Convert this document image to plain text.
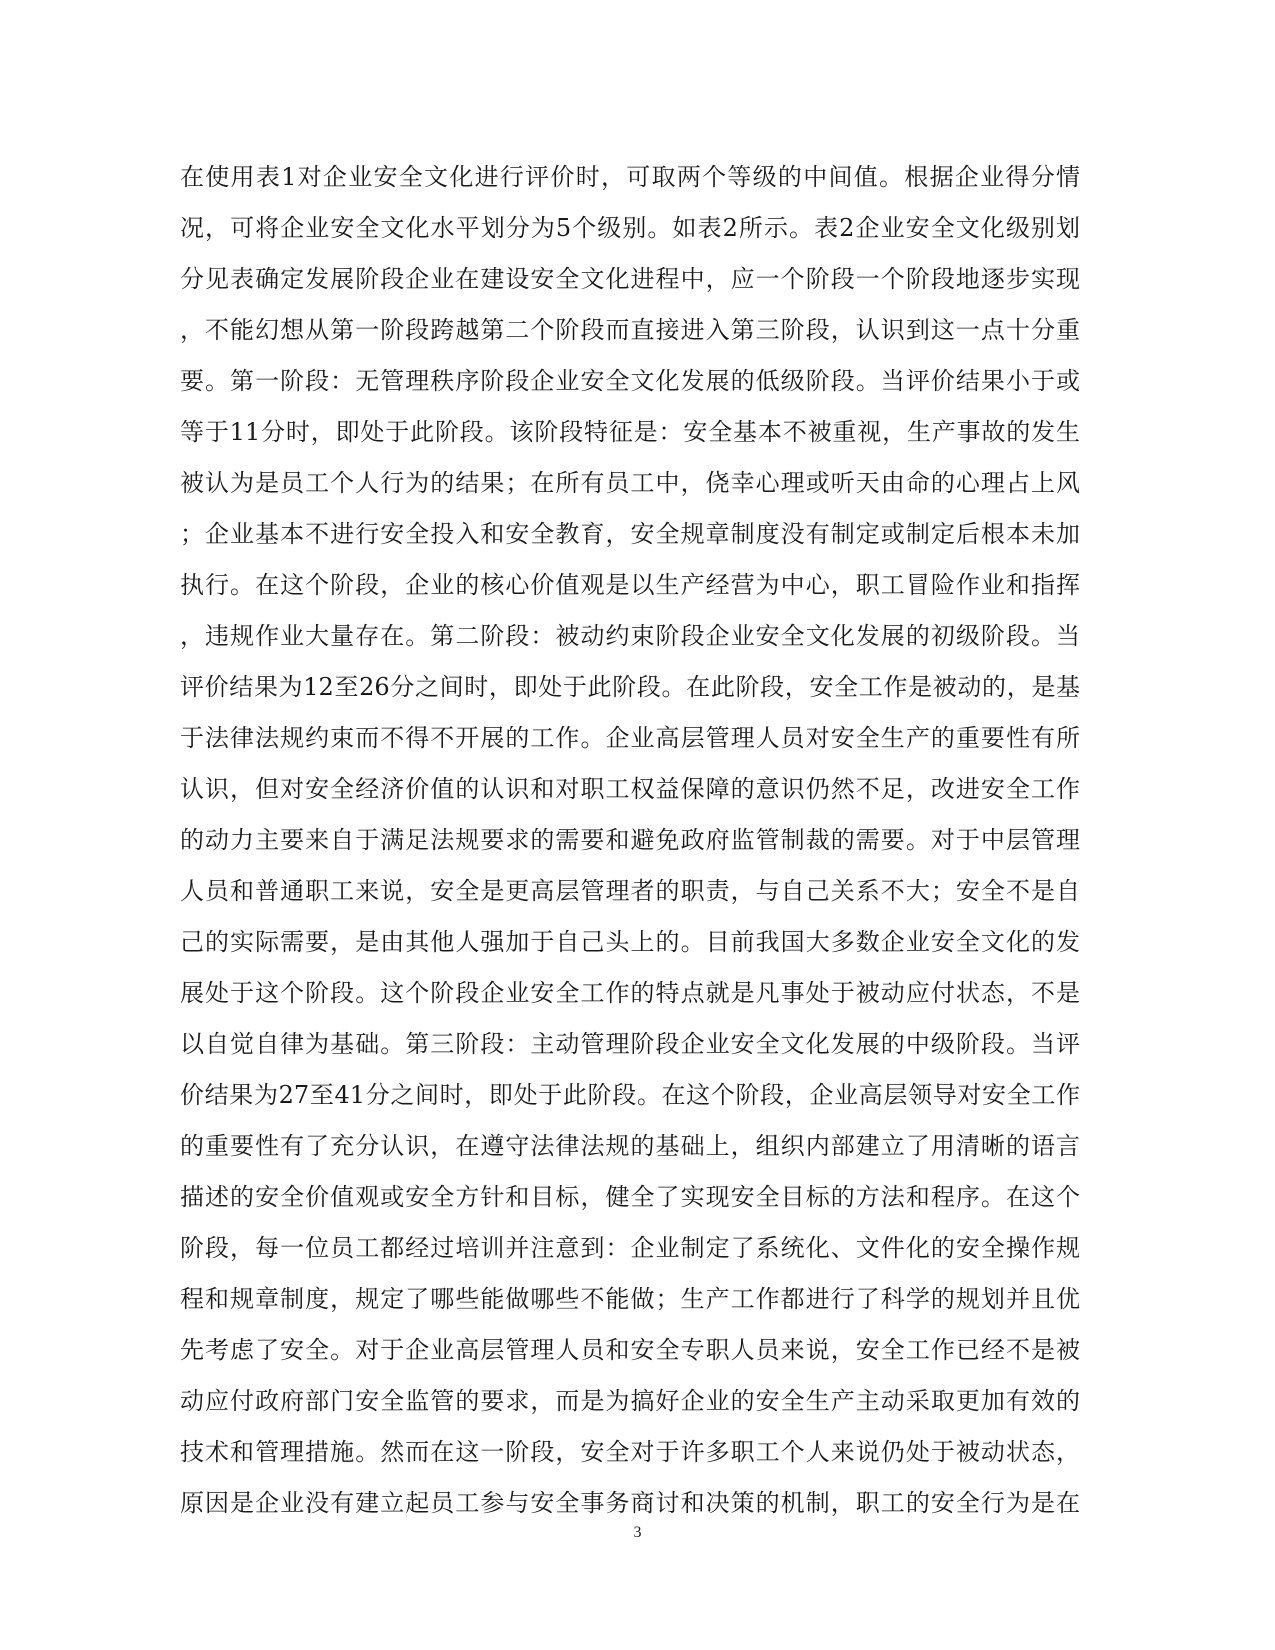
在使用表1对企业安全文化进行评价时，可取两个等级的中间值。根据企业得分情
况，可将企业安全文化水平划分为5个级别。如表2所示。表2企业安全文化级别划
分见表确定发展阶段企业在建设安全文化进程中，应一个阶段一个阶段地逐步实现
，不能幻想从第一阶段跨越第二个阶段而直接进入第三阶段，认识到这一点十分重
要。第一阶段：无管理秩序阶段企业安全文化发展的低级阶段。当评价结果小于或
等于11分时，即处于此阶段。该阶段特征是：安全基本不被重视，生产事故的发生
被认为是员工个人行为的结果；在所有员工中，侥幸心理或听天由命的心理占上风
；企业基本不进行安全投入和安全教育，安全规章制度没有制定或制定后根本未加
执行。在这个阶段，企业的核心价值观是以生产经营为中心，职工冒险作业和指挥
，违规作业大量存在。第二阶段：被动约束阶段企业安全文化发展的初级阶段。当
评价结果为12至26分之间时，即处于此阶段。在此阶段，安全工作是被动的，是基
于法律法规约束而不得不开展的工作。企业高层管理人员对安全生产的重要性有所
认识，但对安全经济价值的认识和对职工权益保障的意识仍然不足，改进安全工作
的动力主要来自于满足法规要求的需要和避免政府监管制裁的需要。对于中层管理
人员和普通职工来说，安全是更高层管理者的职责，与自己关系不大；安全不是自
己的实际需要，是由其他人强加于自己头上的。目前我国大多数企业安全文化的发
展处于这个阶段。这个阶段企业安全工作的特点就是凡事处于被动应付状态，不是
以自觉自律为基础。第三阶段：主动管理阶段企业安全文化发展的中级阶段。当评
价结果为27至41分之间时，即处于此阶段。在这个阶段，企业高层领导对安全工作
的重要性有了充分认识，在遵守法律法规的基础上，组织内部建立了用清晰的语言
描述的安全价值观或安全方针和目标，健全了实现安全目标的方法和程序。在这个
阶段，每一位员工都经过培训并注意到：企业制定了系统化、文件化的安全操作规
程和规章制度，规定了哪些能做哪些不能做；生产工作都进行了科学的规划并且优
先考虑了安全。对于企业高层管理人员和安全专职人员来说，安全工作已经不是被
动应付政府部门安全监管的要求，而是为搞好企业的安全生产主动采取更加有效的
技术和管理措施。然而在这一阶段，安全对于许多职工个人来说仍处于被动状态，
原因是企业没有建立起员工参与安全事务商讨和决策的机制，职工的安全行为是在
3
